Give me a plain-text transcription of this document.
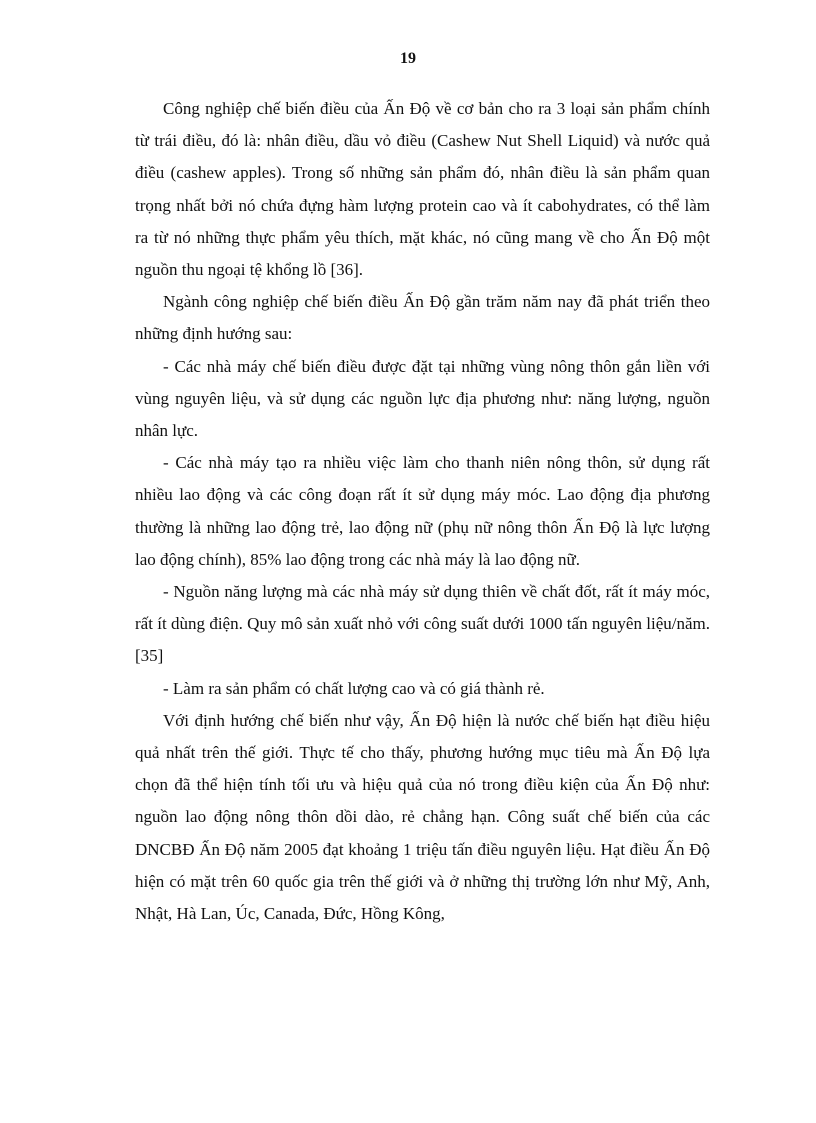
19

Công nghiệp chế biến điều của Ấn Độ về cơ bản cho ra 3 loại sản phẩm chính từ trái điều, đó là: nhân điều, dầu vỏ điều (Cashew Nut Shell Liquid) và nước quả điều (cashew apples). Trong số những sản phẩm đó, nhân điều là sản phẩm quan trọng nhất bởi nó chứa đựng hàm lượng protein cao và ít cabohydrates, có thể làm ra từ nó những thực phẩm yêu thích, mặt khác, nó cũng mang về cho Ấn Độ một nguồn thu ngoại tệ khổng lồ [36].

Ngành công nghiệp chế biến điều Ấn Độ gần trăm năm nay đã phát triển theo những định hướng sau:

- Các nhà máy chế biến điều được đặt tại những vùng nông thôn gắn liền với vùng nguyên liệu, và sử dụng các nguồn lực địa phương như: năng lượng, nguồn nhân lực.

- Các nhà máy tạo ra nhiều việc làm cho thanh niên nông thôn, sử dụng rất nhiều lao động và các công đoạn rất ít sử dụng máy móc. Lao động địa phương thường là những lao động trẻ, lao động nữ (phụ nữ nông thôn Ấn Độ là lực lượng lao động chính), 85% lao động trong các nhà máy là lao động nữ.

- Nguồn năng lượng mà các nhà máy sử dụng thiên về chất đốt, rất ít máy móc, rất ít dùng điện. Quy mô sản xuất nhỏ với công suất dưới 1000 tấn nguyên liệu/năm. [35]

- Làm ra sản phẩm có chất lượng cao và có giá thành rẻ.

Với định hướng chế biến như vậy, Ấn Độ hiện là nước chế biến hạt điều hiệu quả nhất trên thế giới. Thực tế cho thấy, phương hướng mục tiêu mà Ấn Độ lựa chọn đã thể hiện tính tối ưu và hiệu quả của nó trong điều kiện của Ấn Độ như: nguồn lao động nông thôn dồi dào, rẻ chẳng hạn. Công suất chế biến của các DNCBĐ Ấn Độ năm 2005 đạt khoảng 1 triệu tấn điều nguyên liệu. Hạt điều Ấn Độ hiện có mặt trên 60 quốc gia trên thế giới và ở những thị trường lớn như Mỹ, Anh, Nhật, Hà Lan, Úc, Canada, Đức, Hồng Kông,
